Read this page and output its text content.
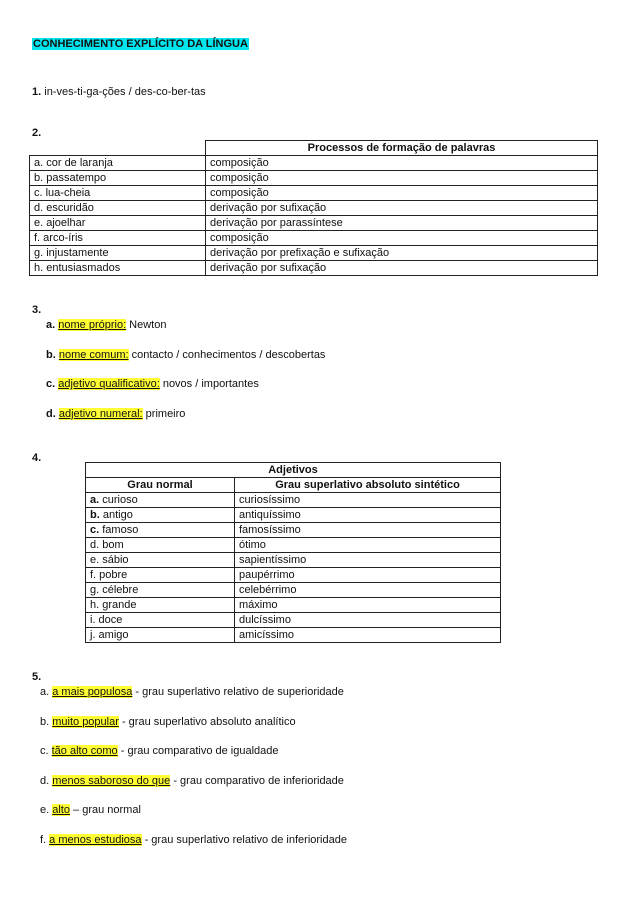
CONHECIMENTO EXPLÍCITO DA LÍNGUA
1. in-ves-ti-ga-ções / des-co-ber-tas
2.
	Processos de formação de palavras
a. cor de laranja	composição
b. passatempo	composição
c. lua-cheia	composição
d. escuridão	derivação por sufixação
e. ajoelhar	derivação por parassíntese
f. arco-íris	composição
g. injustamente	derivação por prefixação e sufixação
h. entusiasmados	derivação por sufixação
3.
a. nome próprio: Newton
b. nome comum: contacto / conhecimentos / descobertas
c. adjetivo qualificativo: novos / importantes
d. adjetivo numeral: primeiro
4.
Adjetivos	
Grau normal	Grau superlativo absoluto sintético
a. curioso	curiosíssimo
b. antigo	antiquíssimo
c. famoso	famosíssimo
d. bom	ótimo
e. sábio	sapientíssimo
f. pobre	paupérrimo
g. célebre	celebérrimo
h. grande	máximo
i. doce	dulcíssimo
j. amigo	amicíssimo
5.
a. a mais populosa - grau superlativo relativo de superioridade
b. muito popular - grau superlativo absoluto analítico
c. tão alto como - grau comparativo de igualdade
d. menos saboroso do que - grau comparativo de inferioridade
e. alto – grau normal
f. a menos estudiosa - grau superlativo relativo de inferioridade
